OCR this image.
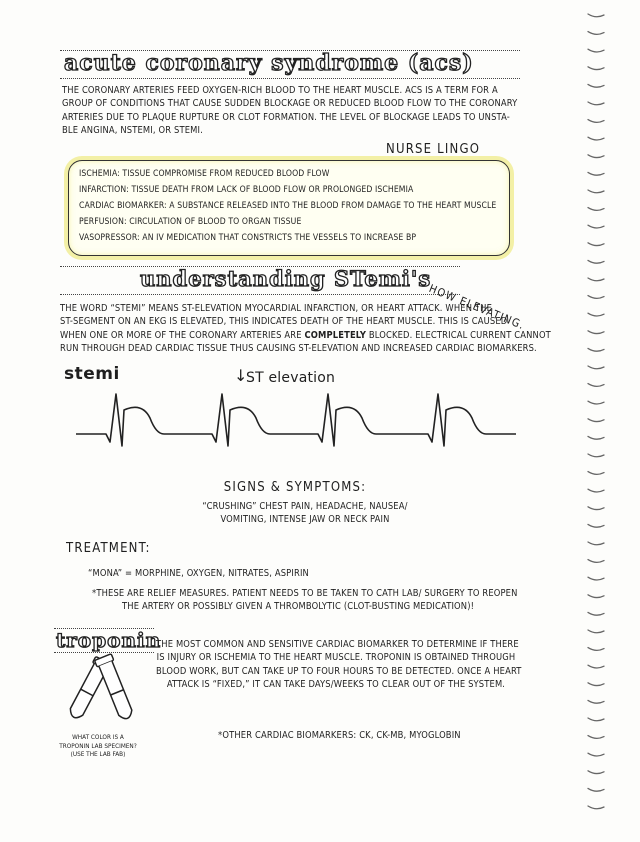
acute coronary syndrome (acs)
THE CORONARY ARTERIES FEED OXYGEN-RICH BLOOD TO THE HEART MUSCLE. ACS IS A TERM FOR A
GROUP OF CONDITIONS THAT CAUSE SUDDEN BLOCKAGE OR REDUCED BLOOD FLOW TO THE CORONARY
ARTERIES DUE TO PLAQUE RUPTURE OR CLOT FORMATION. THE LEVEL OF BLOCKAGE LEADS TO UNSTA-
BLE ANGINA, NSTEMI, OR STEMI.
NURSE LINGO
ISCHEMIA: TISSUE COMPROMISE FROM REDUCED BLOOD FLOW
INFARCTION: TISSUE DEATH FROM LACK OF BLOOD FLOW OR PROLONGED ISCHEMIA
CARDIAC BIOMARKER: A SUBSTANCE RELEASED INTO THE BLOOD FROM DAMAGE TO THE HEART MUSCLE
PERFUSION: CIRCULATION OF BLOOD TO ORGAN TISSUE
VASOPRESSOR: AN IV MEDICATION THAT CONSTRICTS THE VESSELS TO INCREASE BP
understanding STemi's
HOW ELEVATING.
THE WORD “STEMI” MEANS ST-ELEVATION MYOCARDIAL INFARCTION, OR HEART ATTACK. WHEN THE
ST-SEGMENT ON AN EKG IS ELEVATED, THIS INDICATES DEATH OF THE HEART MUSCLE. THIS IS CAUSED
WHEN ONE OR MORE OF THE CORONARY ARTERIES ARE COMPLETELY BLOCKED. ELECTRICAL CURRENT CANNOT
RUN THROUGH DEAD CARDIAC TISSUE THUS CAUSING ST-ELEVATION AND INCREASED CARDIAC BIOMARKERS.
stemi	↓
ST elevation
SIGNS & SYMPTOMS:
“CRUSHING” CHEST PAIN, HEADACHE, NAUSEA/
VOMITING, INTENSE JAW OR NECK PAIN
TREATMENT:
“MONA” = MORPHINE, OXYGEN, NITRATES, ASPIRIN
*THESE ARE RELIEF MEASURES. PATIENT NEEDS TO BE TAKEN TO CATH LAB/ SURGERY TO REOPEN
THE ARTERY OR POSSIBLY GIVEN A THROMBOLYTIC (CLOT-BUSTING MEDICATION)!
troponin
THE MOST COMMON AND SENSITIVE CARDIAC BIOMARKER TO DETERMINE IF THERE
IS INJURY OR ISCHEMIA TO THE HEART MUSCLE. TROPONIN IS OBTAINED THROUGH
BLOOD WORK, BUT CAN TAKE UP TO FOUR HOURS TO BE DETECTED. ONCE A HEART
ATTACK IS “FIXED,” IT CAN TAKE DAYS/WEEKS TO CLEAR OUT OF THE SYSTEM.
WHAT COLOR IS A
TROPONIN LAB SPECIMEN?
(USE THE LAB FAB)
*OTHER CARDIAC BIOMARKERS: CK, CK-MB, MYOGLOBIN
